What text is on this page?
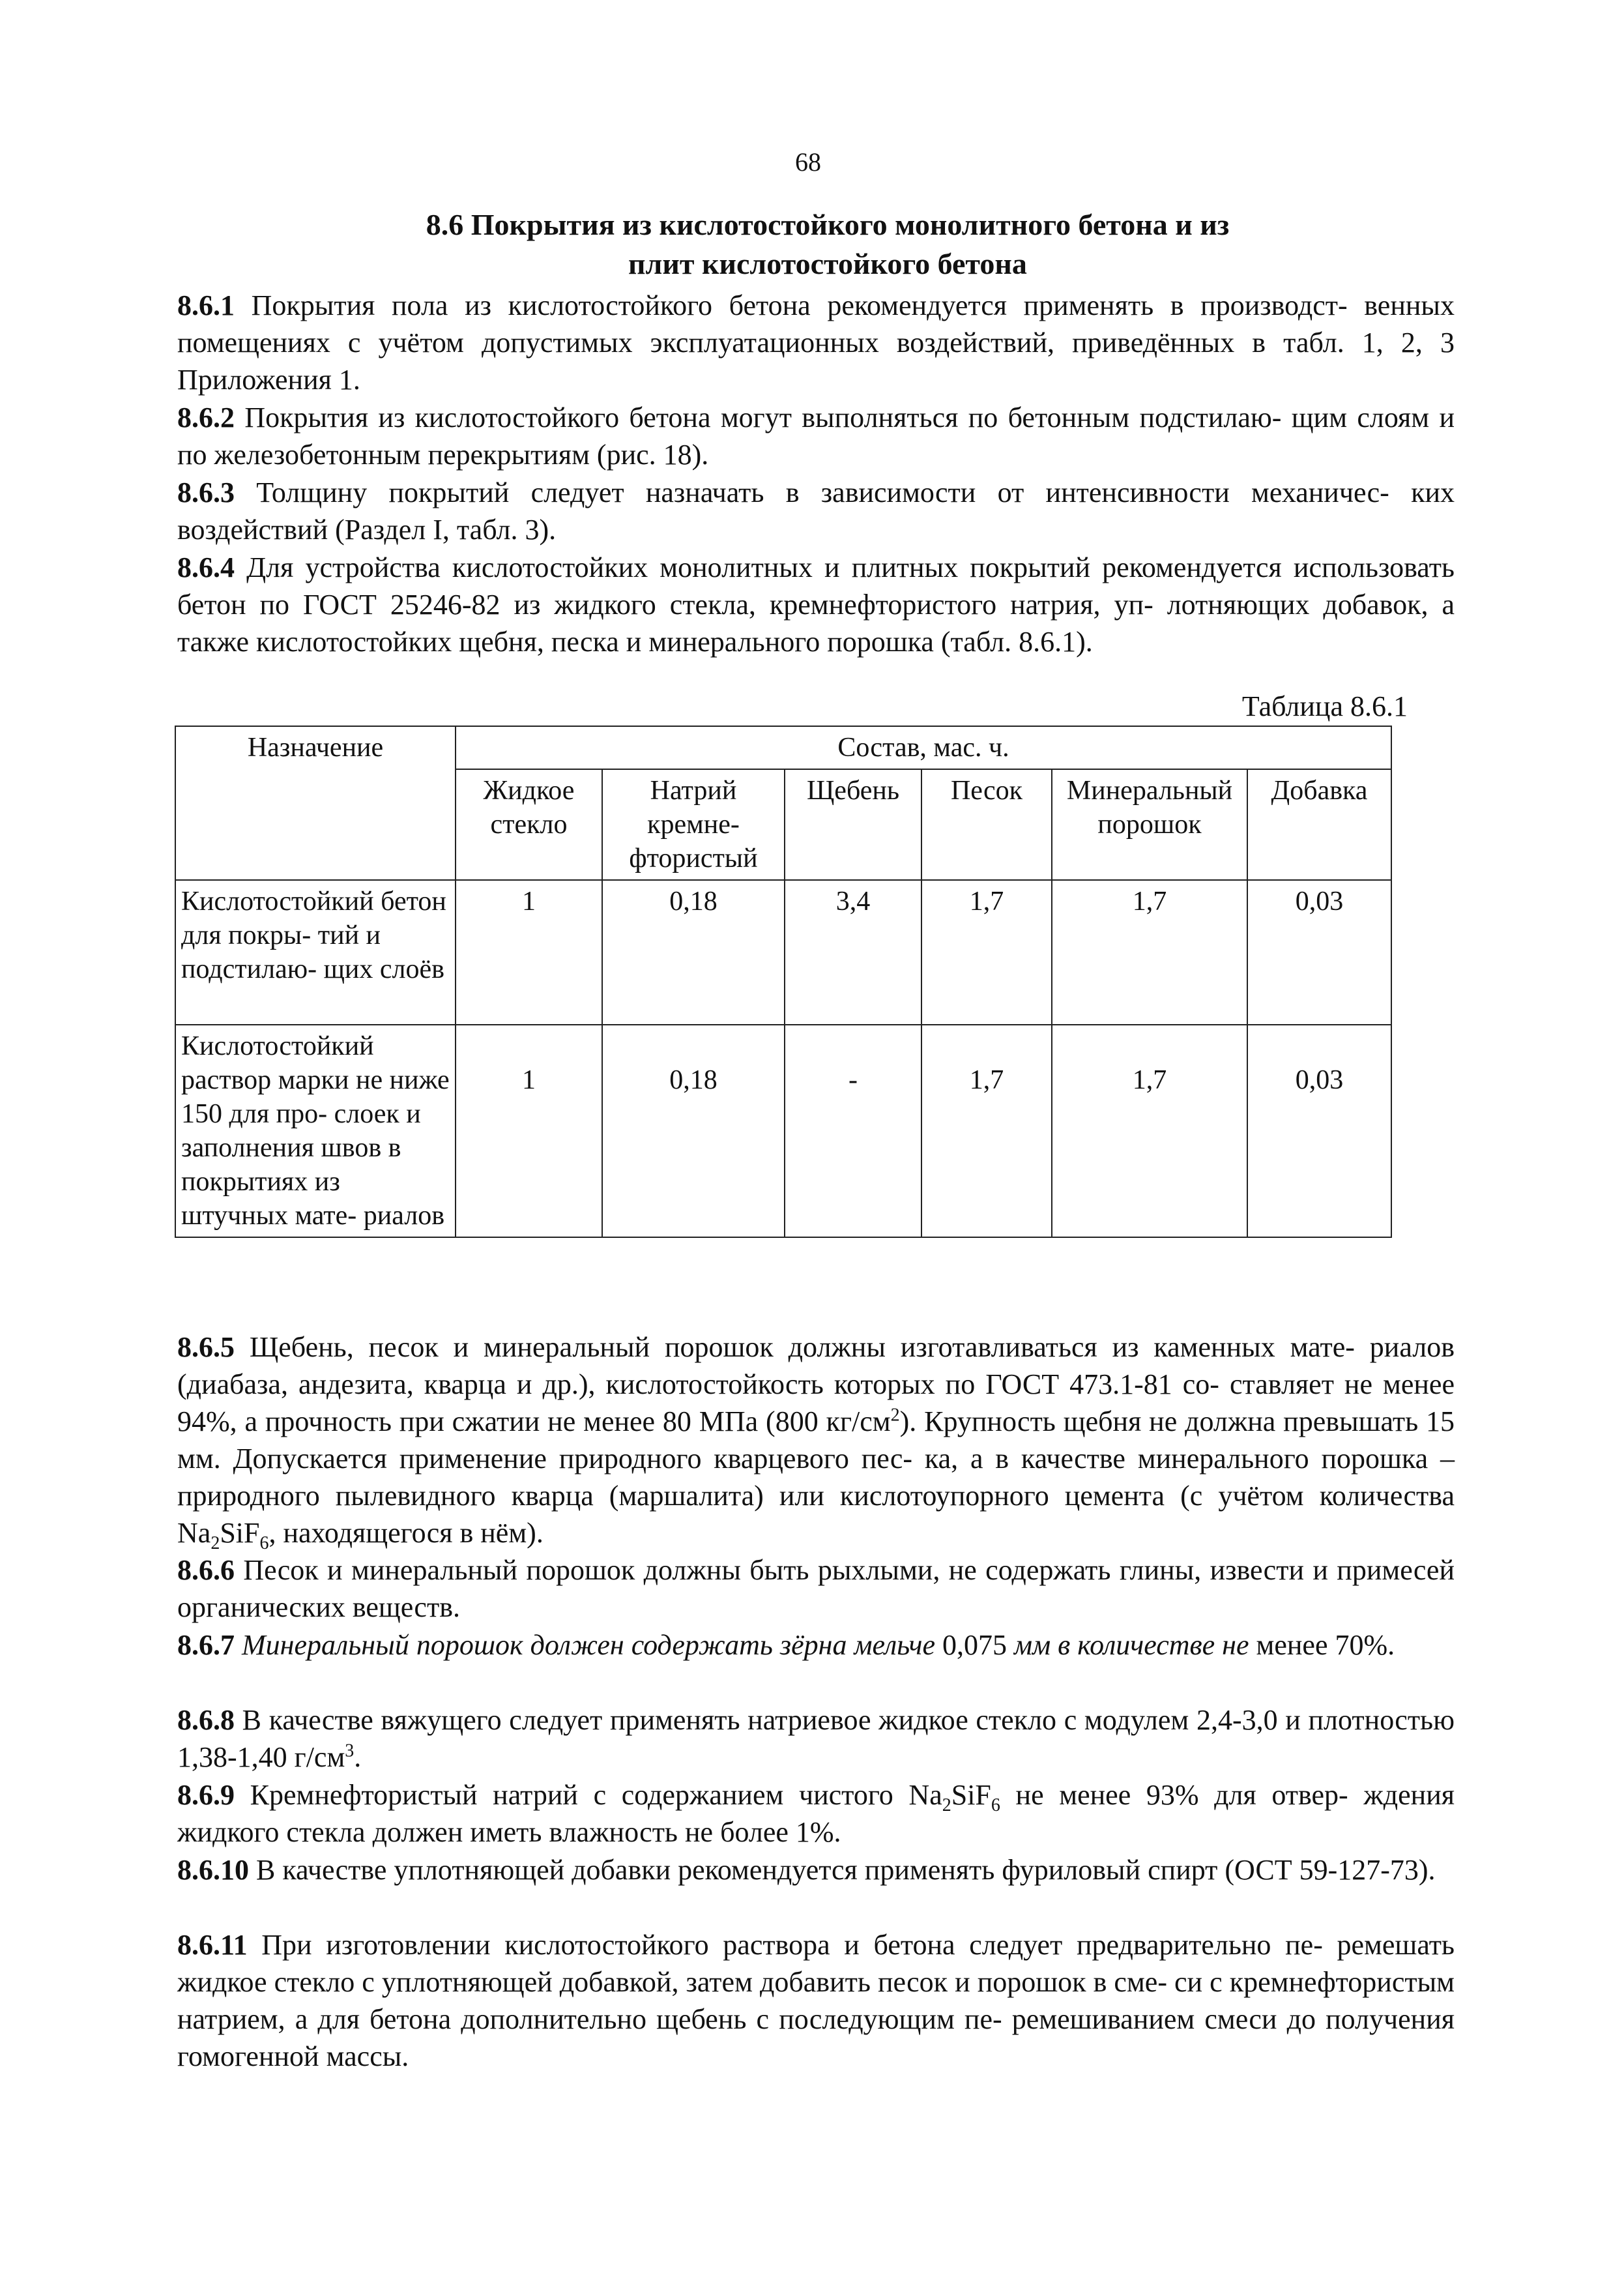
68
8.6 Покрытия из кислотостойкого монолитного бетона и из
плит кислотостойкого бетона

8.6.1 Покрытия пола из кислотостойкого бетона рекомендуется применять в производст- венных помещениях с учётом допустимых эксплуатационных воздействий, приведённых в табл. 1, 2, 3 Приложения 1.

8.6.2 Покрытия из кислотостойкого бетона могут выполняться по бетонным подстилаю- щим слоям и по железобетонным перекрытиям (рис. 18).

8.6.3 Толщину покрытий следует назначать в зависимости от интенсивности механичес- ких воздействий (Раздел I, табл. 3).

8.6.4 Для устройства кислотостойких монолитных и плитных покрытий рекомендуется использовать бетон по ГОСТ 25246-82 из жидкого стекла, кремнефтористого натрия, уп- лотняющих добавок, а также кислотостойких щебня, песка и минерального порошка (табл. 8.6.1).

Таблица 8.6.1
Назначение	Состав, мас. ч.					
	Жидкое стекло	Натрий кремне- фтористый	Щебень	Песок	Минеральный порошок	Добавка

Кислотостойкий бетон для покры- тий и подстилаю- щих слоёв	1	0,18	3,4	1,7	1,7	0,03
Кислотостойкий раствор марки не ниже 150 для про- слоек и заполнения швов в покрытиях из штучных мате- риалов	1	0,18	-	1,7	1,7	0,03

8.6.5 Щебень, песок и минеральный порошок должны изготавливаться из каменных мате- риалов (диабаза, андезита, кварца и др.), кислотостойкость которых по ГОСТ 473.1-81 со- ставляет не менее 94%, а прочность при сжатии не менее 80 МПа (800 $кг/см^2$). Крупность щебня не должна превышать 15 мм. Допускается применение природного кварцевого пес- ка, а в качестве минерального порошка – природного пылевидного кварца (маршалита) или кислотоупорного цемента (с учётом количества $Na_2SiF_6$, находящегося в нём).

8.6.6 Песок и минеральный порошок должны быть рыхлыми, не содержать глины, извести и примесей органических веществ.

8.6.7 Минеральный порошок должен содержать зёрна мельче 0,075 мм в количестве не менее 70%.

8.6.8 В качестве вяжущего следует применять натриевое жидкое стекло с модулем 2,4-3,0 и плотностью 1,38-1,40 $г/см^3$.

8.6.9 Кремнефтористый натрий с содержанием чистого $Na_2SiF_6$ не менее 93% для отвер- ждения жидкого стекла должен иметь влажность не более 1%.

8.6.10 В качестве уплотняющей добавки рекомендуется применять фуриловый спирт (ОСТ 59-127-73).

8.6.11 При изготовлении кислотостойкого раствора и бетона следует предварительно пе- ремешать жидкое стекло с уплотняющей добавкой, затем добавить песок и порошок в сме- си с кремнефтористым натрием, а для бетона дополнительно щебень с последующим пе- ремешиванием смеси до получения гомогенной массы.
